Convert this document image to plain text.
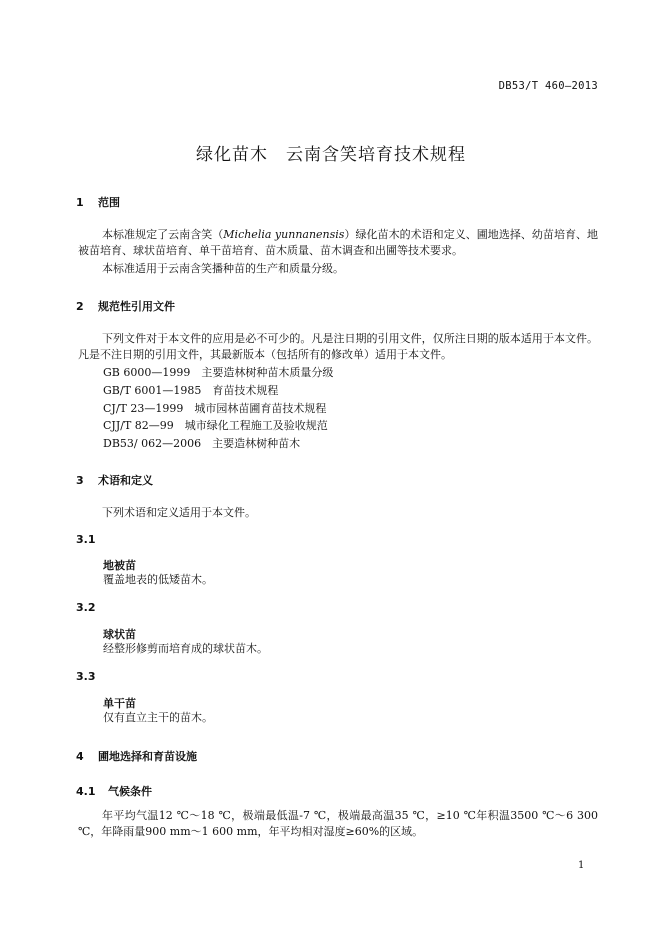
DB53/T 460—2013
绿化苗木 云南含笑培育技术规程
1 范围
本标准规定了云南含笑（Michelia yunnanensis）绿化苗木的术语和定义、圃地选择、幼苗培育、地被苗培育、球状苗培育、单干苗培育、苗木质量、苗木调查和出圃等技术要求。
本标准适用于云南含笑播种苗的生产和质量分级。
2 规范性引用文件
下列文件对于本文件的应用是必不可少的。凡是注日期的引用文件，仅所注日期的版本适用于本文件。凡是不注日期的引用文件，其最新版本（包括所有的修改单）适用于本文件。
GB 6000—1999　主要造林树种苗木质量分级
GB/T 6001—1985　育苗技术规程
CJ/T 23—1999　城市园林苗圃育苗技术规程
CJJ/T 82—99　城市绿化工程施工及验收规范
DB53/ 062—2006　主要造林树种苗木
3 术语和定义
下列术语和定义适用于本文件。
3.1
地被苗
覆盖地表的低矮苗木。
3.2
球状苗
经整形修剪而培育成的球状苗木。
3.3
单干苗
仅有直立主干的苗木。
4 圃地选择和育苗设施
4.1 气候条件
年平均气温12 ℃～18 ℃，极端最低温-7 ℃，极端最高温35 ℃，≥10 ℃年积温3500 ℃～6 300 ℃，年降雨量900 mm～1 600 mm，年平均相对湿度≥60%的区域。
1
